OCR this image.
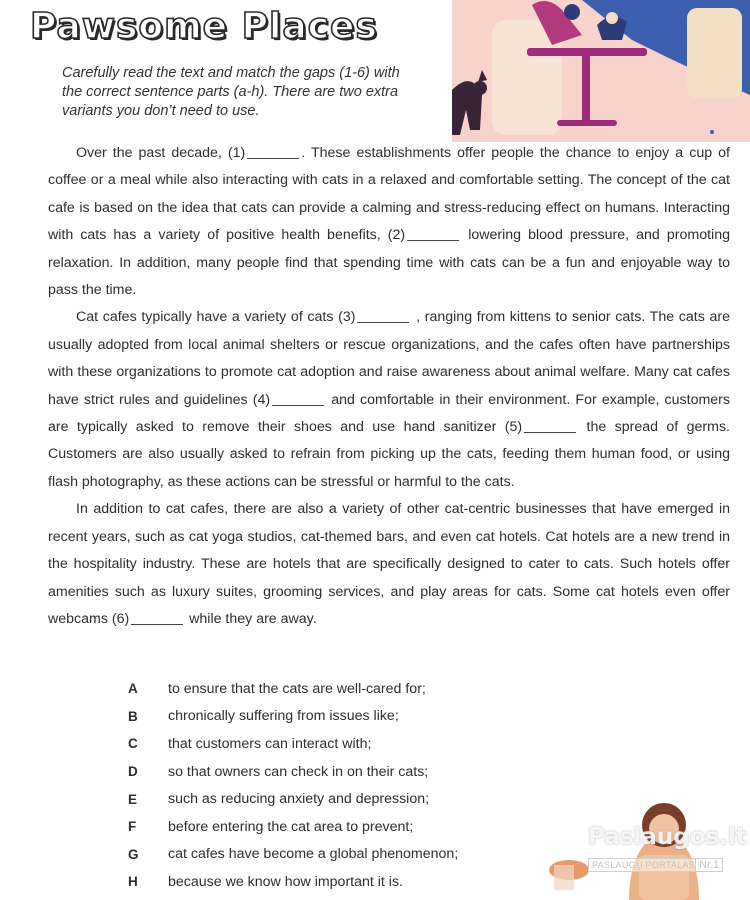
Pawsome Places
Carefully read the text and match the gaps (1-6) with the correct sentence parts (a-h). There are two extra variants you don’t need to use.

Over the past decade, (1)	. These establishments offer people the chance to enjoy a cup of coffee or a meal while also interacting with cats in a relaxed and comfortable setting. The concept of the cat cafe is based on the idea that cats can provide a calming and stress-reducing effect on humans. Interacting with cats has a variety of positive health benefits, (2)	lowering blood pressure, and promoting relaxation. In addition, many people find that spending time with cats can be a fun and enjoyable way to pass the time.

Cat cafes typically have a variety of cats (3)	, ranging from kittens to senior cats. The cats are usually adopted from local animal shelters or rescue organizations, and the cafes often have partnerships with these organizations to promote cat adoption and raise awareness about animal welfare. Many cat cafes have strict rules and guidelines (4)	and comfortable in their environment. For example, customers are typically asked to remove their shoes and use hand sanitizer (5)	the spread of germs. Customers are also usually asked to refrain from picking up the cats, feeding them human food, or using flash photography, as these actions can be stressful or harmful to the cats.

In addition to cat cafes, there are also a variety of other cat-centric businesses that have emerged in recent years, such as cat yoga studios, cat-themed bars, and even cat hotels. Cat hotels are a new trend in the hospitality industry. These are hotels that are specifically designed to cater to cats. Such hotels offer amenities such as luxury suites, grooming services, and play areas for cats. Some cat hotels even offer webcams (6)	while they are away.

A	to ensure that the cats are well-cared for;
B	chronically suffering from issues like;
C	that customers can interact with;
D	so that owners can check in on their cats;
E	such as reducing anxiety and depression;
F	before entering the cat area to prevent;
G	cat cafes have become a global phenomenon;
H	because we know how important it is.
Paslaugos.lt
PASLAUGŲ PORTALAS Nr.1
